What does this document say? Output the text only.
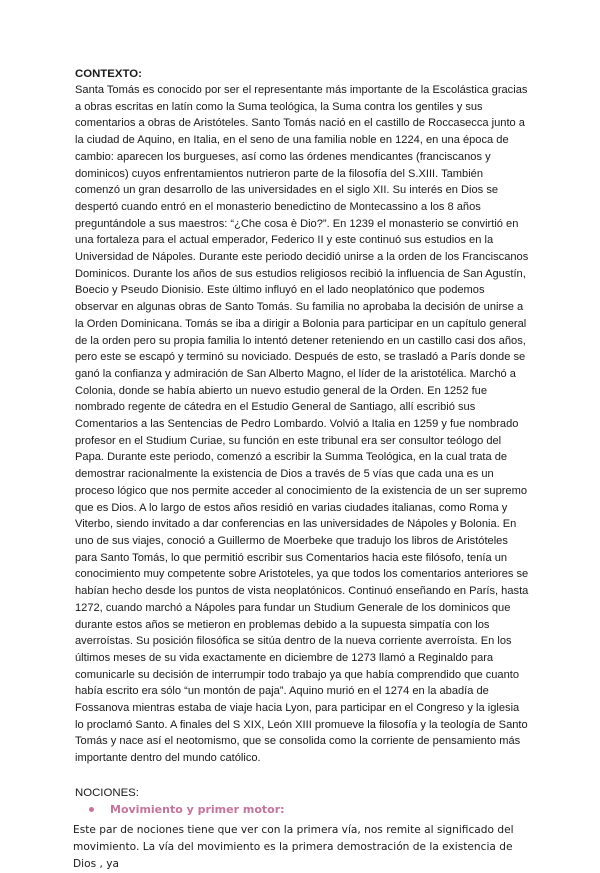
CONTEXTO:

Santa Tomás es conocido por ser el representante más importante de la Escolástica gracias a obras escritas en latín como la Suma teológica, la Suma contra los gentiles y sus comentarios a obras de Aristóteles. Santo Tomás nació en el castillo de Roccasecca junto a la ciudad de Aquino, en Italia, en el seno de una familia noble en 1224, en una época de cambio: aparecen los burgueses, así como las órdenes mendicantes (franciscanos y dominicos) cuyos enfrentamientos nutrieron parte de la filosofía del S.XIII. También comenzó un gran desarrollo de las universidades en el siglo XII. Su interés en Dios se despertó cuando entró en el monasterio benedictino de Montecassino a los 8 años preguntándole a sus maestros: “¿Che cosa è Dio?”. En 1239 el monasterio se convirtió en una fortaleza para el actual emperador, Federico II y este continuó sus estudios en la Universidad de Nápoles. Durante este periodo decidió unirse a la orden de los Franciscanos Dominicos. Durante los años de sus estudios religiosos recibió la influencia de San Agustín, Boecio y Pseudo Dionisio. Este último influyó en el lado neoplatónico que podemos observar en algunas obras de Santo Tomás. Su familia no aprobaba la decisión de unirse a la Orden Dominicana. Tomás se iba a dirigir a Bolonia para participar en un capítulo general de la orden pero su propia familia lo intentó detener reteniendo en un castillo casi dos años, pero este se escapó y terminó su noviciado. Después de esto, se trasladó a París donde se ganó la confianza y admiración de San Alberto Magno, el líder de la aristotélica. Marchó a Colonia, donde se había abierto un nuevo estudio general de la Orden. En 1252 fue nombrado regente de cátedra en el Estudio General de Santiago, allí escribió sus Comentarios a las Sentencias de Pedro Lombardo. Volvió a Italia en 1259 y fue nombrado profesor en el Studium Curiae, su función en este tribunal era ser consultor teólogo del Papa. Durante este periodo, comenzó a escribir la Summa Teológica, en la cual trata de demostrar racionalmente la existencia de Dios a través de 5 vías que cada una es un proceso lógico que nos permite acceder al conocimiento de la existencia de un ser supremo que es Dios. A lo largo de estos años residió en varias ciudades italianas, como Roma y Viterbo, siendo invitado a dar conferencias en las universidades de Nápoles y Bolonia. En uno de sus viajes, conoció a Guillermo de Moerbeke que tradujo los libros de Aristóteles para Santo Tomás, lo que permitió escribir sus Comentarios hacia este filósofo, tenía un conocimiento muy competente sobre Aristoteles, ya que todos los comentarios anteriores se habían hecho desde los puntos de vista neoplatónicos. Continuó enseñando en París, hasta 1272, cuando marchó a Nápoles para fundar un Studium Generale de los dominicos que durante estos años se metieron en problemas debido a la supuesta simpatía con los averroístas. Su posición filosófica se sitúa dentro de la nueva corriente averroísta. En los últimos meses de su vida exactamente en diciembre de 1273 llamó a Reginaldo para comunicarle su decisión de interrumpir todo trabajo ya que había comprendido que cuanto había escrito era sólo “un montón de paja”. Aquino murió en el 1274 en la abadía de Fossanova mientras estaba de viaje hacia Lyon, para participar en el Congreso y la iglesia lo proclamó Santo. A finales del S XIX, León XIII promueve la filosofía y la teología de Santo Tomás y nace así el neotomismo, que se consolida como la corriente de pensamiento más importante dentro del mundo católico.

NOCIONES:

Movimiento y primer motor:

Este par de nociones tiene que ver con la primera vía, nos remite al significado del movimiento. La vía del movimiento es la primera demostración de la existencia de Dios , ya
